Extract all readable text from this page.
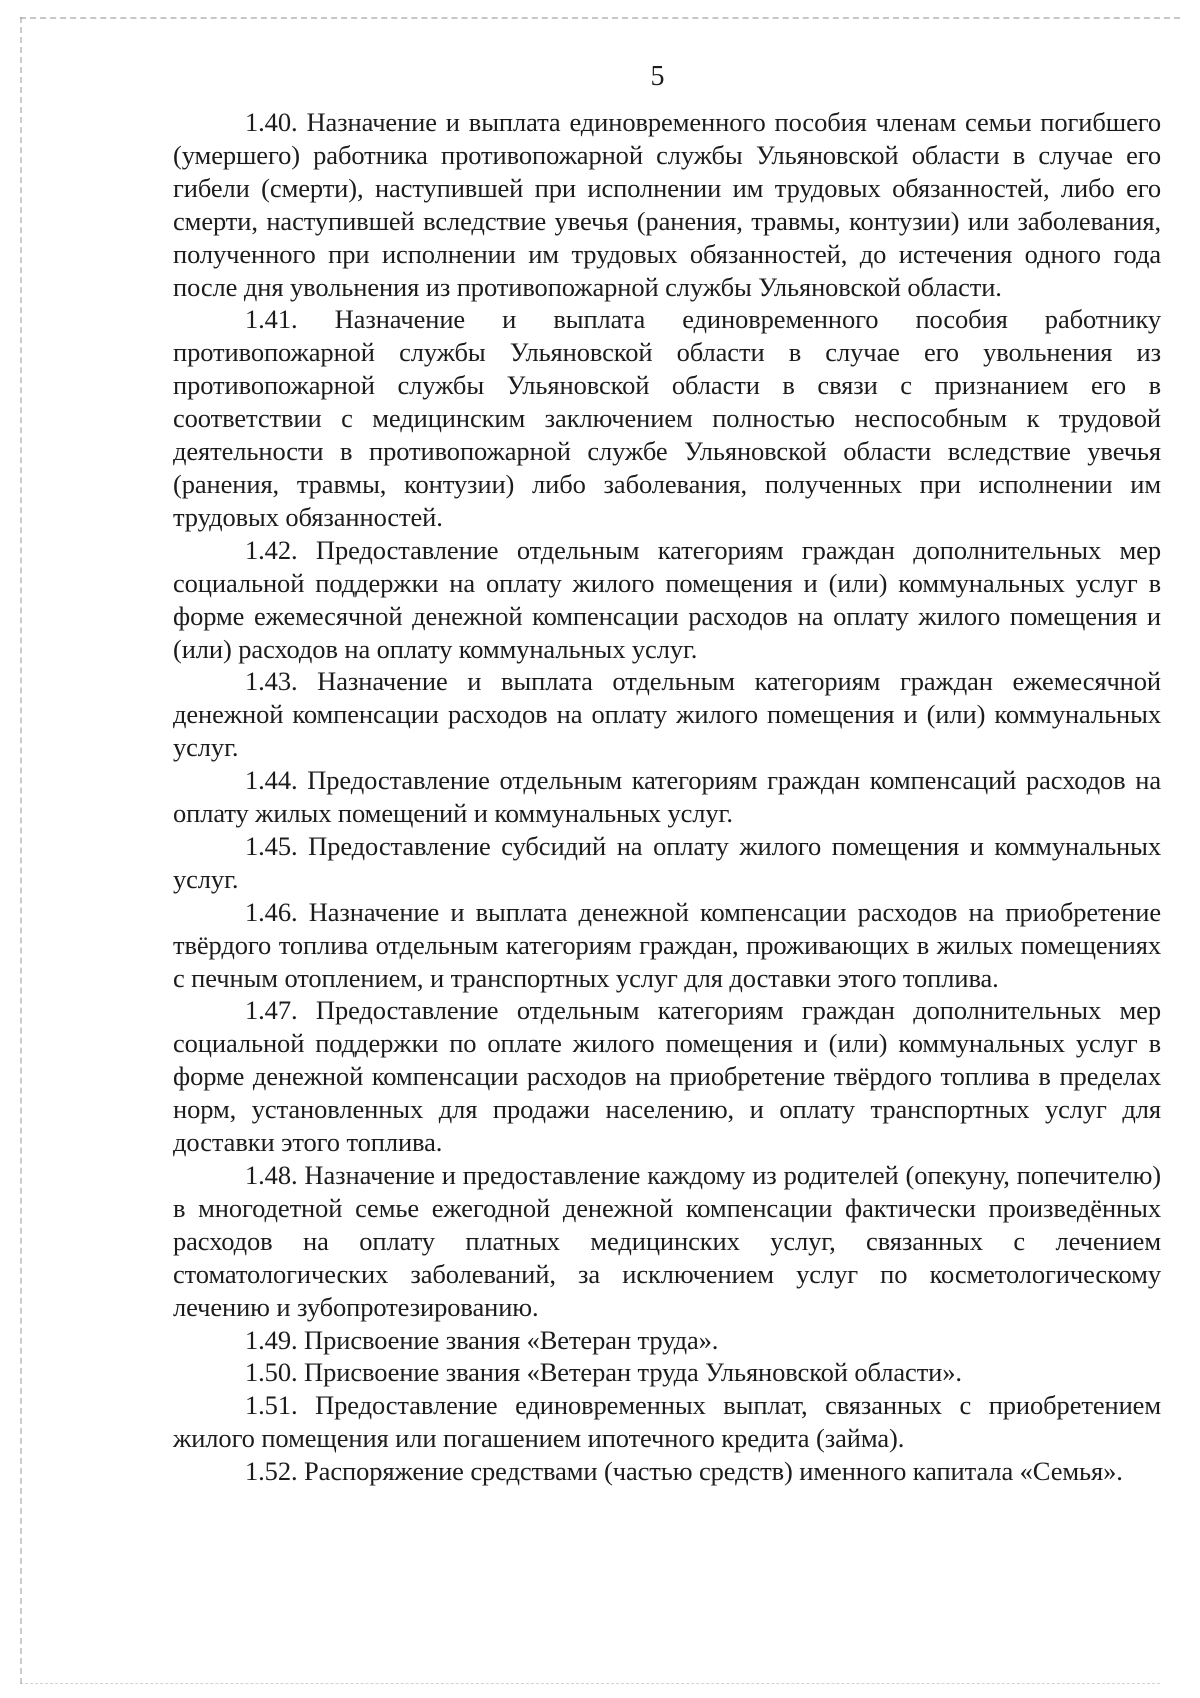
5

1.40. Назначение и выплата единовременного пособия членам семьи погибшего (умершего) работника противопожарной службы Ульяновской области в случае его гибели (смерти), наступившей при исполнении им трудовых обязанностей, либо его смерти, наступившей вследствие увечья (ранения, травмы, контузии) или заболевания, полученного при исполнении им трудовых обязанностей, до истечения одного года после дня увольнения из противопожарной службы Ульяновской области.

1.41. Назначение и выплата единовременного пособия работнику противопожарной службы Ульяновской области в случае его увольнения из противопожарной службы Ульяновской области в связи с признанием его в соответствии с медицинским заключением полностью неспособным к трудовой деятельности в противопожарной службе Ульяновской области вследствие увечья (ранения, травмы, контузии) либо заболевания, полученных при исполнении им трудовых обязанностей.

1.42. Предоставление отдельным категориям граждан дополнительных мер социальной поддержки на оплату жилого помещения и (или) коммунальных услуг в форме ежемесячной денежной компенсации расходов на оплату жилого помещения и (или) расходов на оплату коммунальных услуг.

1.43. Назначение и выплата отдельным категориям граждан ежемесячной денежной компенсации расходов на оплату жилого помещения и (или) коммунальных услуг.

1.44. Предоставление отдельным категориям граждан компенсаций расходов на оплату жилых помещений и коммунальных услуг.

1.45. Предоставление субсидий на оплату жилого помещения и коммунальных услуг.

1.46. Назначение и выплата денежной компенсации расходов на приобретение твёрдого топлива отдельным категориям граждан, проживающих в жилых помещениях с печным отоплением, и транспортных услуг для доставки этого топлива.

1.47. Предоставление отдельным категориям граждан дополнительных мер социальной поддержки по оплате жилого помещения и (или) коммунальных услуг в форме денежной компенсации расходов на приобретение твёрдого топлива в пределах норм, установленных для продажи населению, и оплату транспортных услуг для доставки этого топлива.

1.48. Назначение и предоставление каждому из родителей (опекуну, попечителю) в многодетной семье ежегодной денежной компенсации фактически произведённых расходов на оплату платных медицинских услуг, связанных с лечением стоматологических заболеваний, за исключением услуг по косметологическому лечению и зубопротезированию.

1.49. Присвоение звания «Ветеран труда».

1.50. Присвоение звания «Ветеран труда Ульяновской области».

1.51. Предоставление единовременных выплат, связанных с приобретением жилого помещения или погашением ипотечного кредита (займа).

1.52. Распоряжение средствами (частью средств) именного капитала «Семья».
